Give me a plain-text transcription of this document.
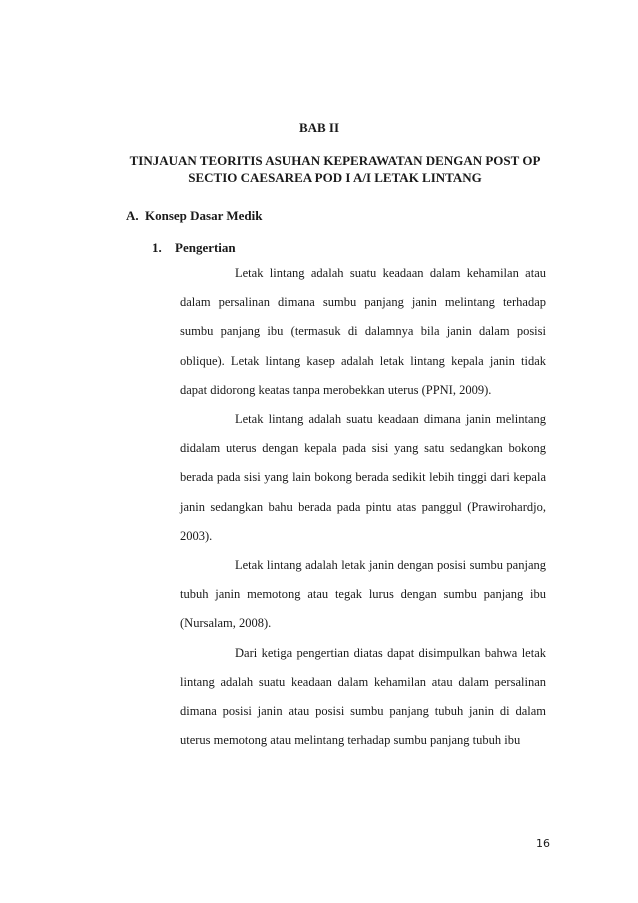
BAB II
TINJAUAN TEORITIS ASUHAN KEPERAWATAN DENGAN POST OP
SECTIO CAESAREA POD I A/I LETAK LINTANG
A. Konsep Dasar Medik
1. Pengertian

Letak lintang adalah suatu keadaan dalam kehamilan atau dalam persalinan dimana sumbu panjang janin melintang terhadap sumbu panjang ibu (termasuk di dalamnya bila janin dalam posisi oblique). Letak lintang kasep adalah letak lintang kepala janin tidak dapat didorong keatas tanpa merobekkan uterus (PPNI, 2009).

Letak lintang adalah suatu keadaan dimana janin melintang didalam uterus dengan kepala pada sisi yang satu sedangkan bokong berada pada sisi yang lain bokong berada sedikit lebih tinggi dari kepala janin sedangkan bahu berada pada pintu atas panggul (Prawirohardjo, 2003).

Letak lintang adalah letak janin dengan posisi sumbu panjang tubuh janin memotong atau tegak lurus dengan sumbu panjang ibu (Nursalam, 2008).

Dari ketiga pengertian diatas dapat disimpulkan bahwa letak lintang adalah suatu keadaan dalam kehamilan atau dalam persalinan dimana posisi janin atau posisi sumbu panjang tubuh janin di dalam uterus memotong atau melintang terhadap sumbu panjang tubuh ibu

16
